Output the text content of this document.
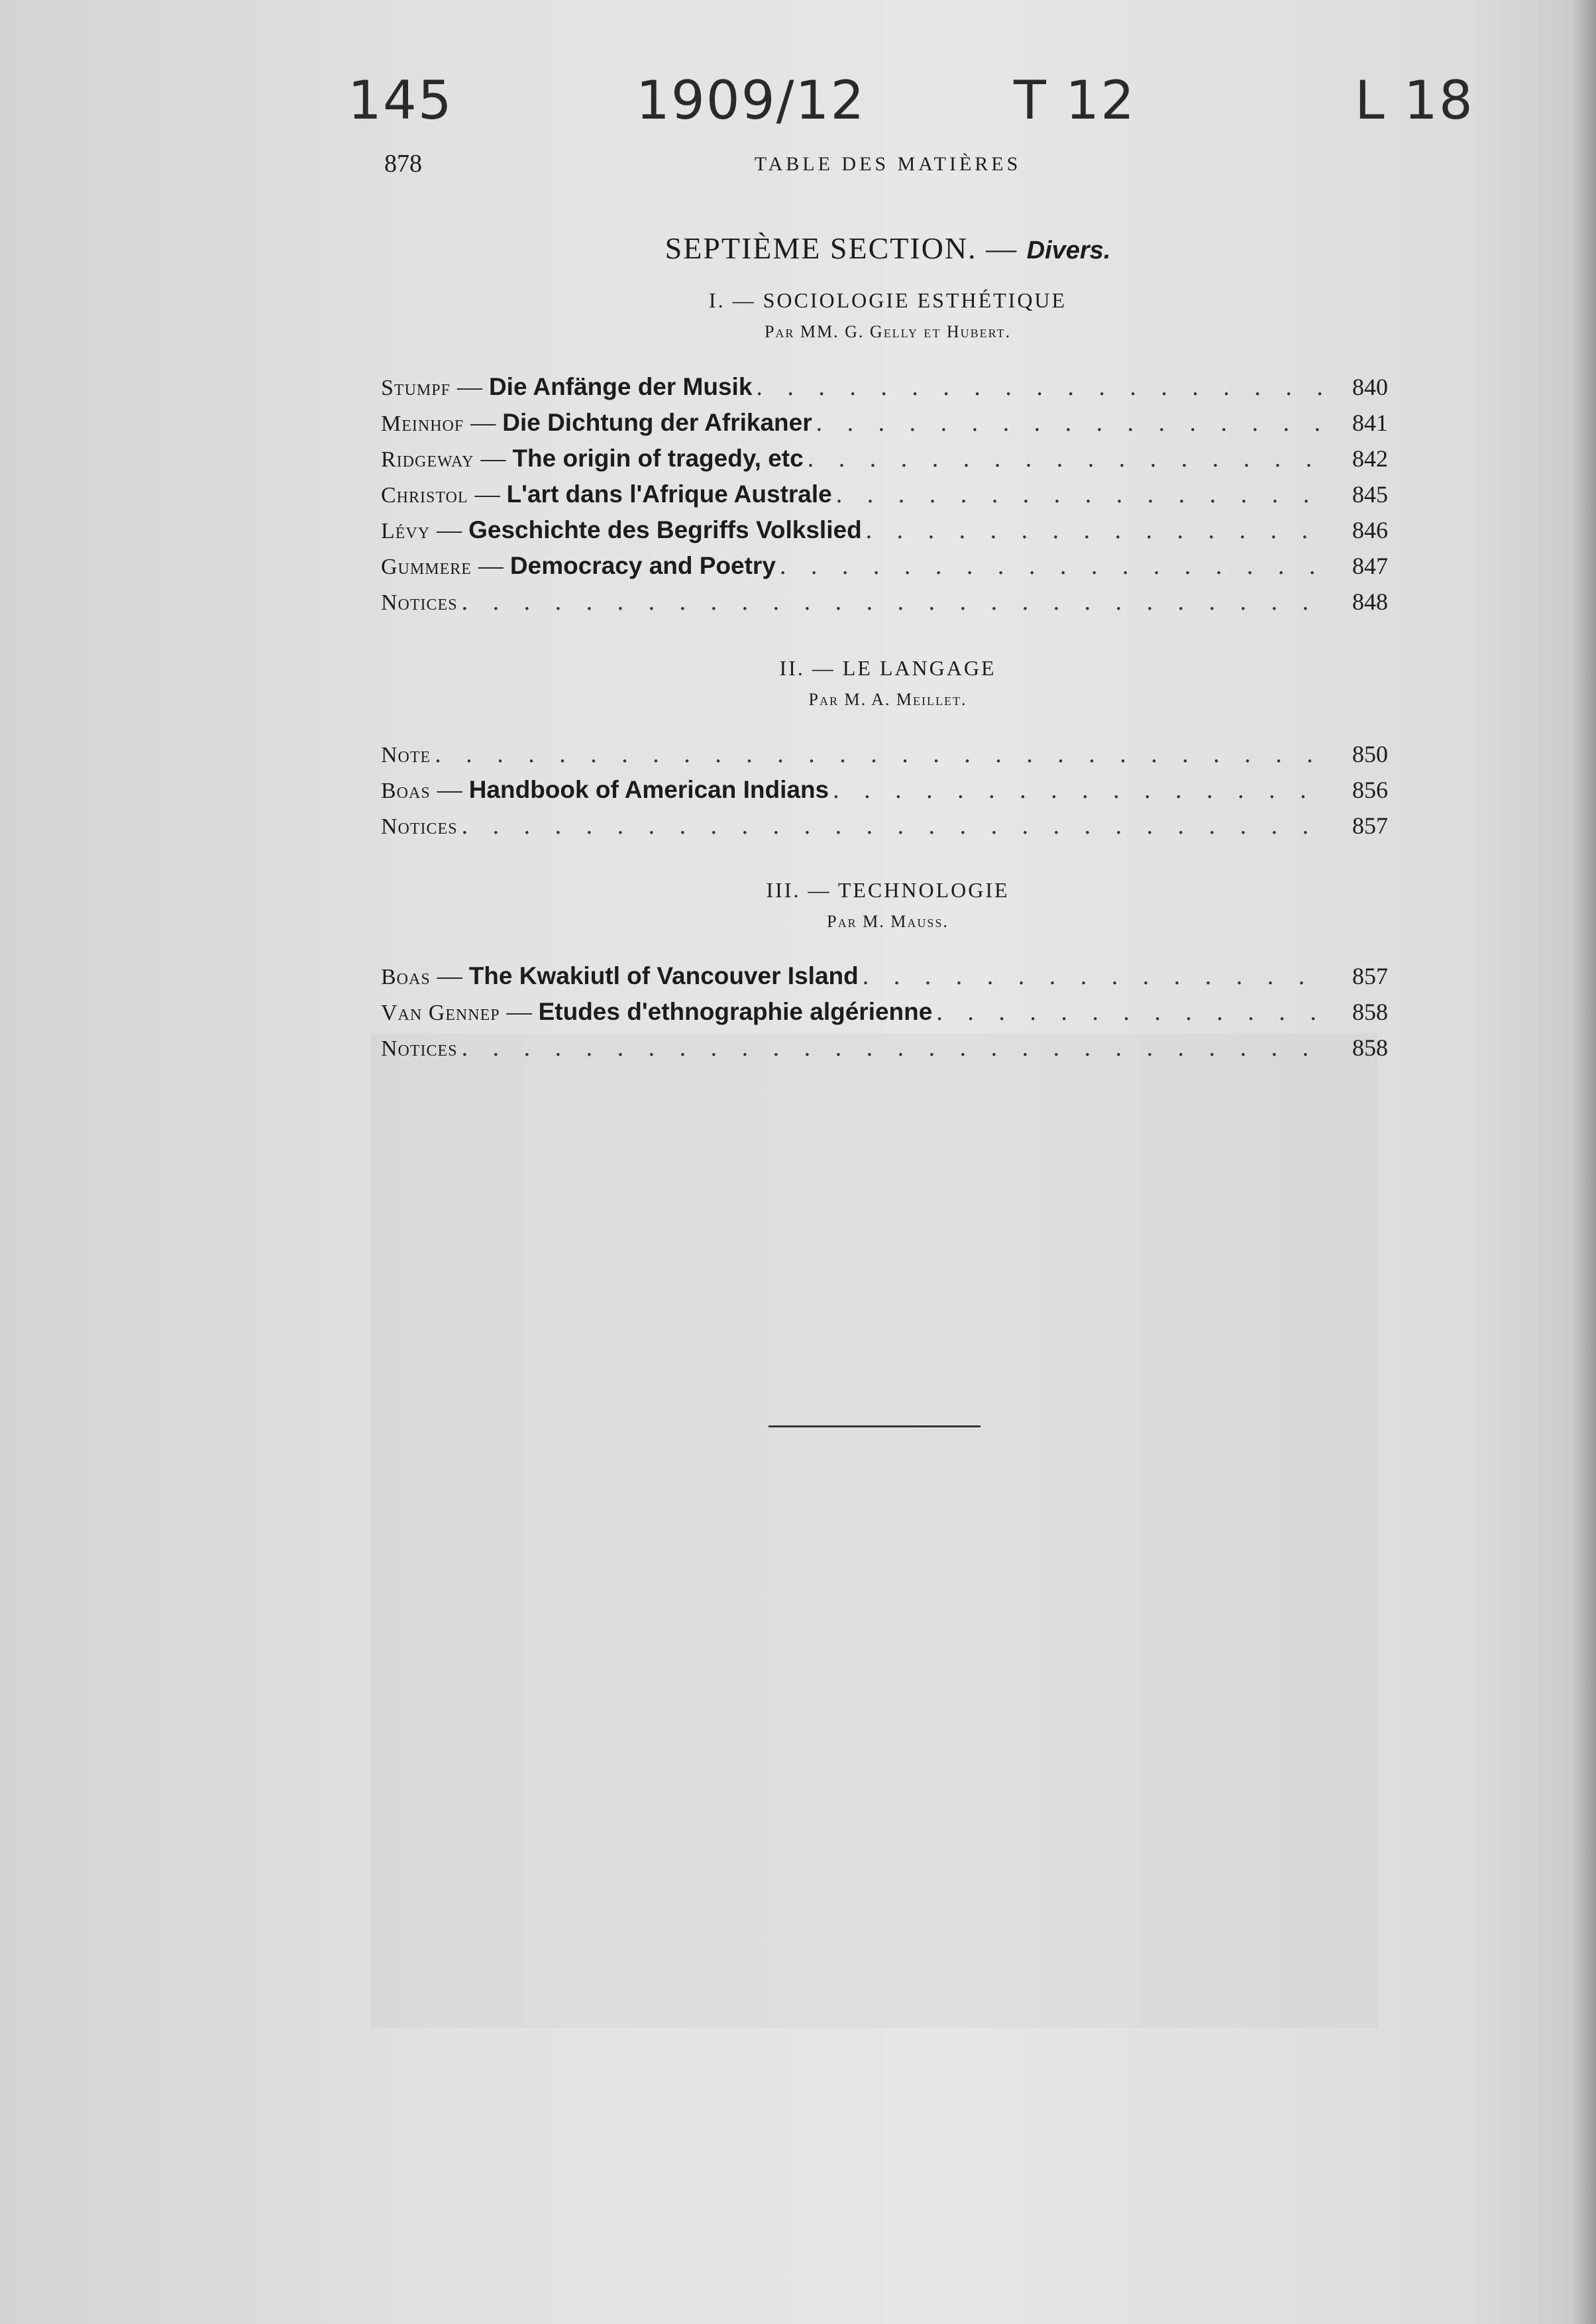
145	1909/12	T 12	L 18
878	TABLE DES MATIÈRES
SEPTIÈME SECTION. — Divers.
I. — SOCIOLOGIE ESTHÉTIQUE
Par MM. G. Gelly et Hubert.
Stumpf — Die Anfänge der Musik . . .	840
Meinhof — Die Dichtung der Afrikaner . . .	841
Ridgeway — The origin of tragedy, etc . . .	842
Christol — L'art dans l'Afrique Australe . . .	845
Lévy — Geschichte des Begriffs Volkslied . . .	846
Gummere — Democracy and Poetry . . .	847
Notices . . .	848
II. — LE LANGAGE
Par M. A. Meillet.
Note . . .	850
Boas — Handbook of American Indians . . .	856
Notices . . .	857
III. — TECHNOLOGIE
Par M. Mauss.
Boas — The Kwakiutl of Vancouver Island . . .	857
Van Gennep — Etudes d'ethnographie algérienne . . .	858
Notices . . .	858
